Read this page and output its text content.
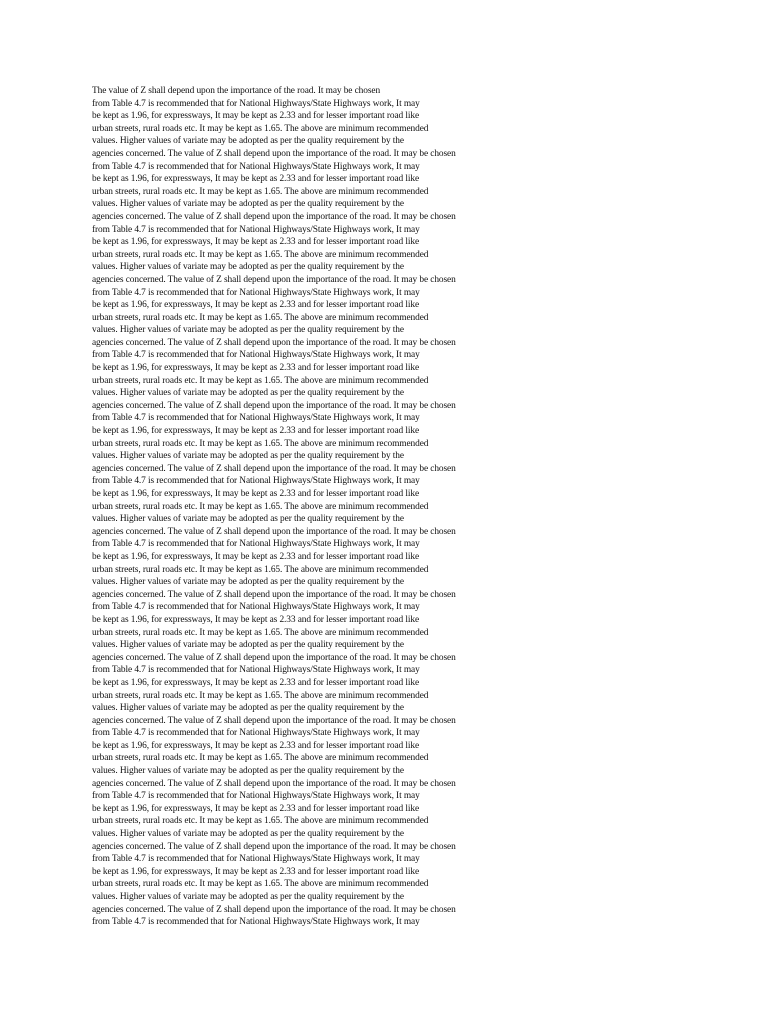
The value of Z shall depend upon the importance of the road. It may be chosen
from Table 4.7 is recommended that for National Highways/State Highways work, It may
be kept as 1.96, for expressways, It may be kept as 2.33 and for lesser important road like
urban streets, rural roads etc. It may be kept as 1.65. The above are minimum recommended
values. Higher values of variate may be adopted as per the quality requirement by the
agencies concerned. The value of Z shall depend upon the importance of the road. It may be chosen
from Table 4.7 is recommended that for National Highways/State Highways work, It may
be kept as 1.96, for expressways, It may be kept as 2.33 and for lesser important road like
urban streets, rural roads etc. It may be kept as 1.65. The above are minimum recommended
values. Higher values of variate may be adopted as per the quality requirement by the
agencies concerned. The value of Z shall depend upon the importance of the road. It may be chosen
from Table 4.7 is recommended that for National Highways/State Highways work, It may
be kept as 1.96, for expressways, It may be kept as 2.33 and for lesser important road like
urban streets, rural roads etc. It may be kept as 1.65. The above are minimum recommended
values. Higher values of variate may be adopted as per the quality requirement by the
agencies concerned. The value of Z shall depend upon the importance of the road. It may be chosen
from Table 4.7 is recommended that for National Highways/State Highways work, It may
be kept as 1.96, for expressways, It may be kept as 2.33 and for lesser important road like
urban streets, rural roads etc. It may be kept as 1.65. The above are minimum recommended
values. Higher values of variate may be adopted as per the quality requirement by the
agencies concerned. The value of Z shall depend upon the importance of the road. It may be chosen
from Table 4.7 is recommended that for National Highways/State Highways work, It may
be kept as 1.96, for expressways, It may be kept as 2.33 and for lesser important road like
urban streets, rural roads etc. It may be kept as 1.65. The above are minimum recommended
values. Higher values of variate may be adopted as per the quality requirement by the
agencies concerned. The value of Z shall depend upon the importance of the road. It may be chosen
from Table 4.7 is recommended that for National Highways/State Highways work, It may
be kept as 1.96, for expressways, It may be kept as 2.33 and for lesser important road like
urban streets, rural roads etc. It may be kept as 1.65. The above are minimum recommended
values. Higher values of variate may be adopted as per the quality requirement by the
agencies concerned. The value of Z shall depend upon the importance of the road. It may be chosen
from Table 4.7 is recommended that for National Highways/State Highways work, It may
be kept as 1.96, for expressways, It may be kept as 2.33 and for lesser important road like
urban streets, rural roads etc. It may be kept as 1.65. The above are minimum recommended
values. Higher values of variate may be adopted as per the quality requirement by the
agencies concerned. The value of Z shall depend upon the importance of the road. It may be chosen
from Table 4.7 is recommended that for National Highways/State Highways work, It may
be kept as 1.96, for expressways, It may be kept as 2.33 and for lesser important road like
urban streets, rural roads etc. It may be kept as 1.65. The above are minimum recommended
values. Higher values of variate may be adopted as per the quality requirement by the
agencies concerned. The value of Z shall depend upon the importance of the road. It may be chosen
from Table 4.7 is recommended that for National Highways/State Highways work, It may
be kept as 1.96, for expressways, It may be kept as 2.33 and for lesser important road like
urban streets, rural roads etc. It may be kept as 1.65. The above are minimum recommended
values. Higher values of variate may be adopted as per the quality requirement by the
agencies concerned. The value of Z shall depend upon the importance of the road. It may be chosen
from Table 4.7 is recommended that for National Highways/State Highways work, It may
be kept as 1.96, for expressways, It may be kept as 2.33 and for lesser important road like
urban streets, rural roads etc. It may be kept as 1.65. The above are minimum recommended
values. Higher values of variate may be adopted as per the quality requirement by the
agencies concerned. The value of Z shall depend upon the importance of the road. It may be chosen
from Table 4.7 is recommended that for National Highways/State Highways work, It may
be kept as 1.96, for expressways, It may be kept as 2.33 and for lesser important road like
urban streets, rural roads etc. It may be kept as 1.65. The above are minimum recommended
values. Higher values of variate may be adopted as per the quality requirement by the
agencies concerned. The value of Z shall depend upon the importance of the road. It may be chosen
from Table 4.7 is recommended that for National Highways/State Highways work, It may
be kept as 1.96, for expressways, It may be kept as 2.33 and for lesser important road like
urban streets, rural roads etc. It may be kept as 1.65. The above are minimum recommended
values. Higher values of variate may be adopted as per the quality requirement by the
agencies concerned. The value of Z shall depend upon the importance of the road. It may be chosen
from Table 4.7 is recommended that for National Highways/State Highways work, It may
be kept as 1.96, for expressways, It may be kept as 2.33 and for lesser important road like
urban streets, rural roads etc. It may be kept as 1.65. The above are minimum recommended
values. Higher values of variate may be adopted as per the quality requirement by the
agencies concerned. The value of Z shall depend upon the importance of the road. It may be chosen
from Table 4.7 is recommended that for National Highways/State Highways work, It may
